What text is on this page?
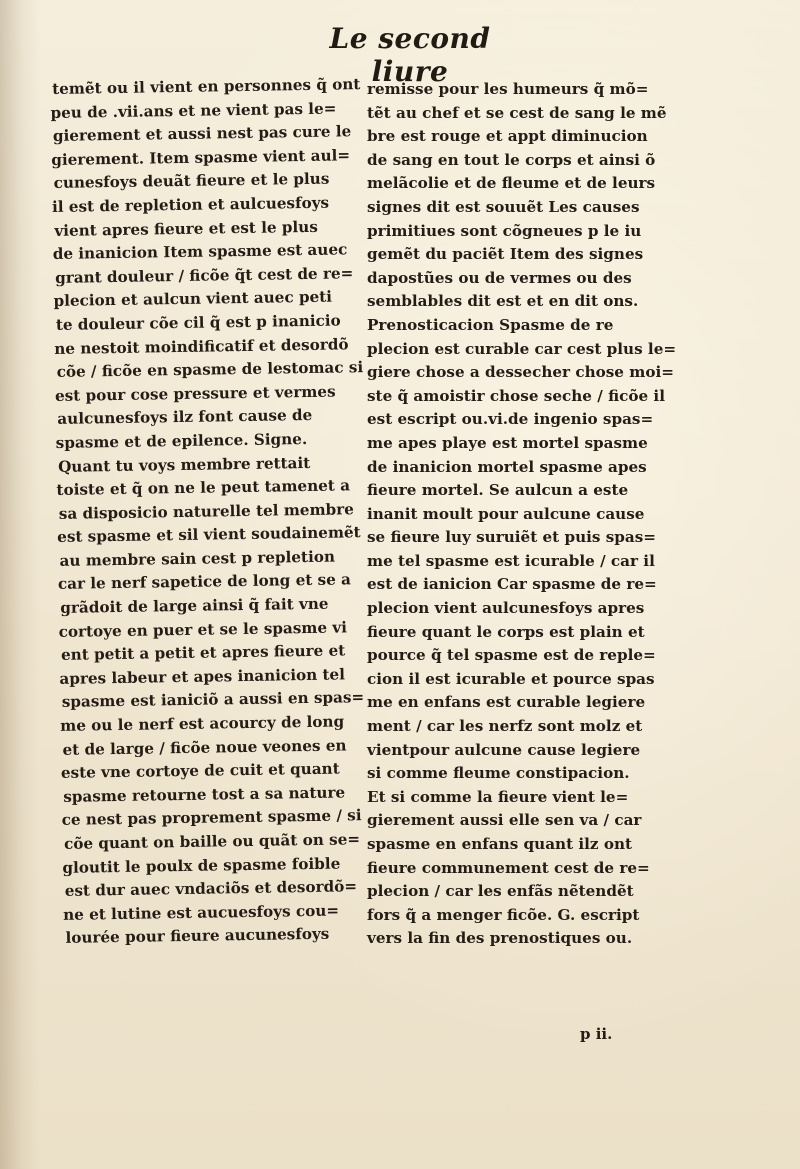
Le second liure
temẽt ou il vient en personnes q̃ ont
peu de .vii.ans et ne vient pas le=
gierement et aussi nest pas cure le
gierement. Item spasme vient aul=
cunesfoys deuãt fieure et le plus
il est de repletion et aulcuesfoys
vient apres fieure et est le plus
de inanicion Item spasme est auec
grant douleur / ficõe q̃t cest de re=
plecion et aulcun vient auec peti
te douleur cõe cil q̃ est p inanicio
ne nestoit moindificatif et desordõ
cõe / ficõe en spasme de lestomac si
est pour cose pressure et vermes
aulcunesfoys ilz font cause de
spasme et de epilence. Signe.
Quant tu voys membre rettait
toiste et q̃ on ne le peut tamenet a
sa disposicio naturelle tel membre
est spasme et sil vient soudainemẽt
au membre sain cest p repletion
car le nerf sapetice de long et se a
grãdoit de large ainsi q̃ fait vne
cortoye en puer et se le spasme vi
ent petit a petit et apres fieure et
apres labeur et apes inanicion tel
spasme est ianiciõ a aussi en spas=
me ou le nerf est acourcy de long
et de large / ficõe noue veones en
este vne cortoye de cuit et quant
spasme retourne tost a sa nature
ce nest pas proprement spasme / si
cõe quant on baille ou quãt on se=
gloutit le poulx de spasme foible
est dur auec vndaciõs et desordõ=
ne et lutine est aucuesfoys cou=
lourée pour fieure aucunesfoys
remisse pour les humeurs q̃ mõ=
tẽt au chef et se cest de sang le mẽ
bre est rouge et appt diminucion
de sang en tout le corps et ainsi õ
melãcolie et de fleume et de leurs
signes dit est souuẽt Les causes
primitiues sont cõgneues p le iu
gemẽt du paciẽt Item des signes
dapostũes ou de vermes ou des
semblables dit est et en dit ons.
Prenosticacion Spasme de re
plecion est curable car cest plus le=
giere chose a dessecher chose moi=
ste q̃ amoistir chose seche / ficõe il
est escript ou.vi.de ingenio spas=
me apes playe est mortel spasme
de inanicion mortel spasme apes
fieure mortel. Se aulcun a este
inanit moult pour aulcune cause
se fieure luy suruiẽt et puis spas=
me tel spasme est icurable / car il
est de ianicion Car spasme de re=
plecion vient aulcunesfoys apres
fieure quant le corps est plain et
pource q̃ tel spasme est de reple=
cion il est icurable et pource spas
me en enfans est curable legiere
ment / car les nerfz sont molz et
vientpour aulcune cause legiere
si comme fleume constipacion.
Et si comme la fieure vient le=
gierement aussi elle sen va / car
spasme en enfans quant ilz ont
fieure communement cest de re=
plecion / car les enfãs nẽtendẽt
fors q̃ a menger ficõe. G. escript
vers la fin des prenostiques ou.
p ii.
